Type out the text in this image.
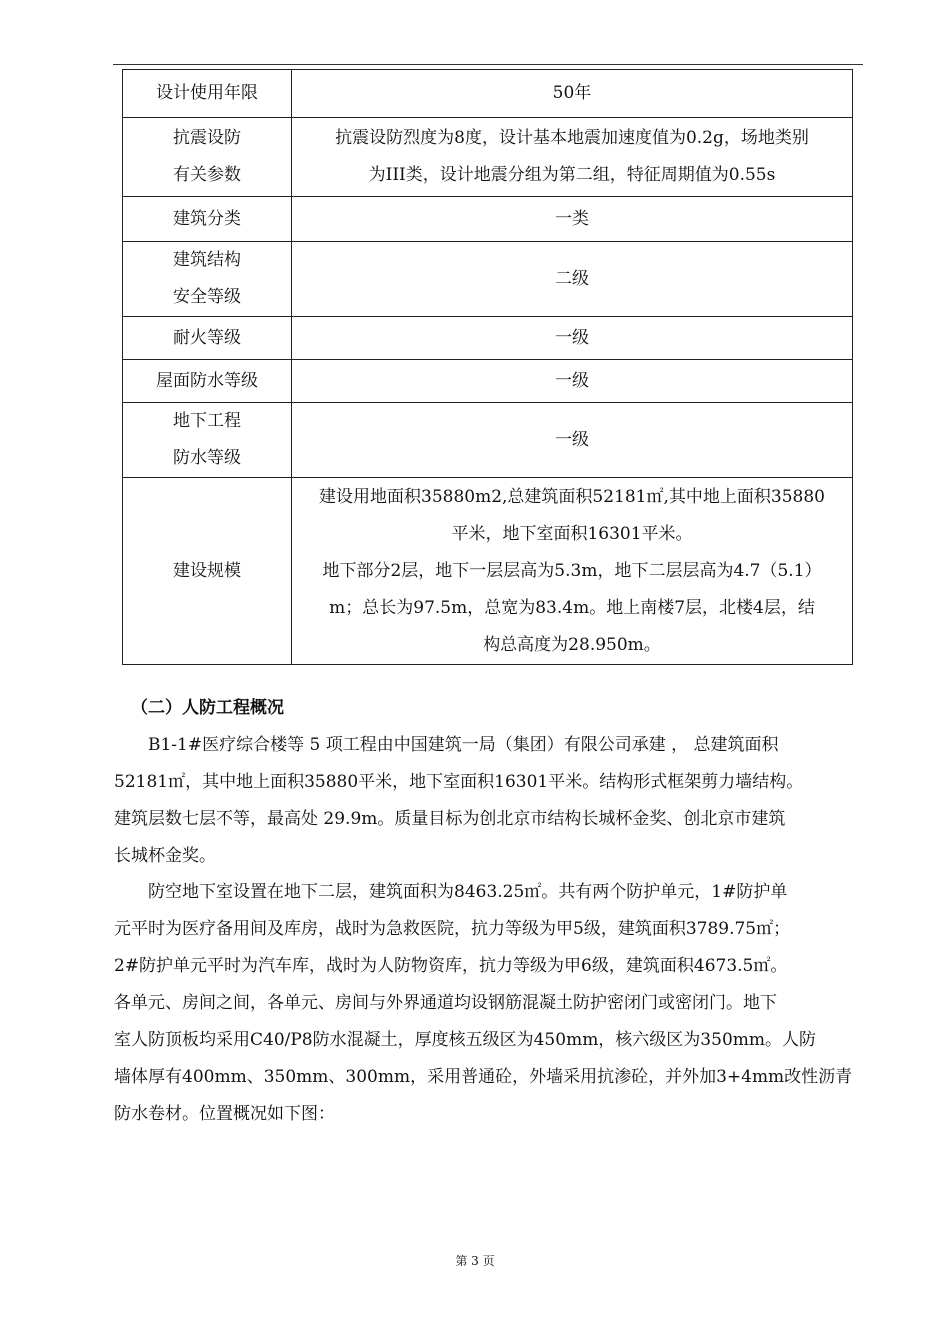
设计使用年限	50年

抗震设防
有关参数	抗震设防烈度为8度，设计基本地震加速度值为0.2g，场地类别
为III类，设计地震分组为第二组，特征周期值为0.55s

建筑分类	一类

建筑结构
安全等级	二级

耐火等级	一级

屋面防水等级	一级

地下工程
防水等级	一级

建设规模	建设用地面积35880m2,总建筑面积52181㎡,其中地上面积35880
平米，地下室面积16301平米。
地下部分2层，地下一层层高为5.3m，地下二层层高为4.7（5.1）
m；总长为97.5m，总宽为83.4m。地上南楼7层，北楼4层，结
构总高度为28.950m。
（二）人防工程概况

B1-1#医疗综合楼等 5 项工程由中国建筑一局（集团）有限公司承建 ， 总建筑面积
52181㎡，其中地上面积35880平米，地下室面积16301平米。结构形式框架剪力墙结构。
建筑层数七层不等，最高处 29.9m。质量目标为创北京市结构长城杯金奖、创北京市建筑
长城杯金奖。

防空地下室设置在地下二层，建筑面积为8463.25㎡。共有两个防护单元，1#防护单
元平时为医疗备用间及库房，战时为急救医院，抗力等级为甲5级，建筑面积3789.75㎡；
2#防护单元平时为汽车库，战时为人防物资库，抗力等级为甲6级，建筑面积4673.5㎡。
各单元、房间之间，各单元、房间与外界通道均设钢筋混凝土防护密闭门或密闭门。地下
室人防顶板均采用C40/P8防水混凝土，厚度核五级区为450mm，核六级区为350mm。人防
墙体厚有400mm、350mm、300mm，采用普通砼，外墙采用抗渗砼，并外加3+4mm改性沥青
防水卷材。位置概况如下图：

第 3 页
